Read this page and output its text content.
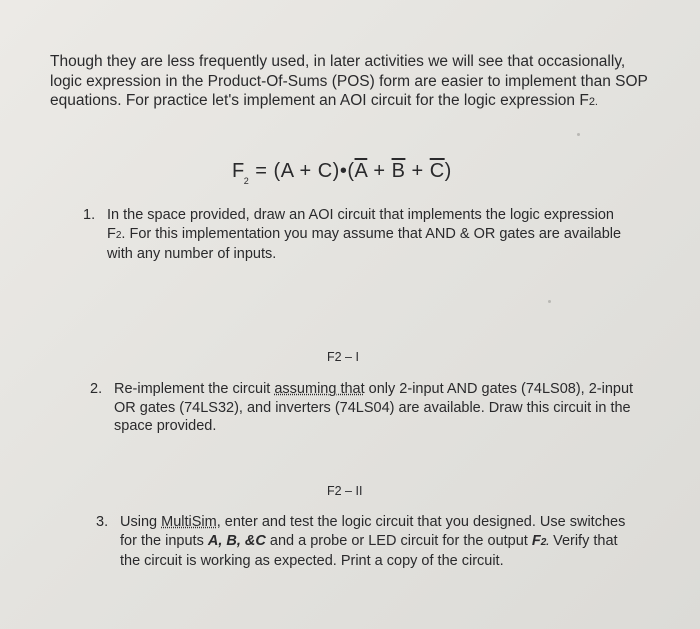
Though they are less frequently used, in later activities we will see that occasionally, logic expression in the Product-Of-Sums (POS) form are easier to implement than SOP equations. For practice let's implement an AOI circuit for the logic expression F2.

$F_2 = (A$ + $C)•(\overline{A} + \overline{B} + \overline{C})$

1. In the space provided, draw an AOI circuit that implements the logic expression F2. For this implementation you may assume that AND & OR gates are available with any number of inputs.

F2 – I

2. Re-implement the circuit assuming that only 2-input AND gates (74LS08), 2-input OR gates (74LS32), and inverters (74LS04) are available. Draw this circuit in the space provided.

F2 – II

3. Using MultiSim, enter and test the logic circuit that you designed. Use switches for the inputs A, B, &C and a probe or LED circuit for the output F2. Verify that the circuit is working as expected. Print a copy of the circuit.
